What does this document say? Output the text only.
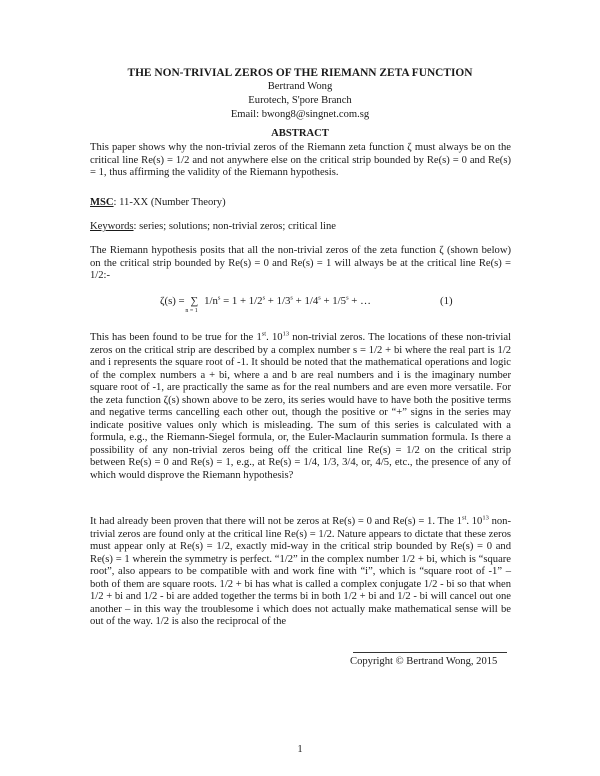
THE NON-TRIVIAL ZEROS OF THE RIEMANN ZETA FUNCTION
Bertrand Wong
Eurotech, S'pore Branch
Email: bwong8@singnet.com.sg
ABSTRACT
This paper shows why the non-trivial zeros of the Riemann zeta function ζ must always be on the critical line Re(s) = 1/2 and not anywhere else on the critical strip bounded by Re(s) = 0 and Re(s) = 1, thus affirming the validity of the Riemann hypothesis.
MSC: 11-XX (Number Theory)
Keywords: series; solutions; non-trivial zeros; critical line
The Riemann hypothesis posits that all the non-trivial zeros of the zeta function ζ (shown below) on the critical strip bounded by Re(s) = 0 and Re(s) = 1 will always be at the critical line Re(s) = 1/2:-
ζ(s) = ∑
n = 1
$1/n^s = 1 + 1/2^s + 1/3^s + 1/4^s + 1/5^s$ + …	(1)
This has been found to be true for the 1st. $10^{13}$ non-trivial zeros. The locations of these non-trivial zeros on the critical strip are described by a complex number s = 1/2 + bi where the real part is 1/2 and i represents the square root of -1. It should be noted that the mathematical operations and logic of the complex numbers a + bi, where a and b are real numbers and i is the imaginary number square root of -1, are practically the same as for the real numbers and are even more versatile. For the zeta function ζ(s) shown above to be zero, its series would have to have both the positive terms and negative terms cancelling each other out, though the positive or “+” signs in the series may indicate positive values only which is misleading. The sum of this series is calculated with a formula, e.g., the Riemann-Siegel formula, or, the Euler-Maclaurin summation formula. Is there a possibility of any non-trivial zeros being off the critical line Re(s) = 1/2 on the critical strip between Re(s) = 0 and Re(s) = 1, e.g., at Re(s) = 1/4, 1/3, 3/4, or, 4/5, etc., the presence of any of which would disprove the Riemann hypothesis?
It had already been proven that there will not be zeros at Re(s) = 0 and Re(s) = 1. The 1st. $10^{13}$ non-trivial zeros are found only at the critical line Re(s) = 1/2. Nature appears to dictate that these zeros must appear only at Re(s) = 1/2, exactly mid-way in the critical strip bounded by Re(s) = 0 and Re(s) = 1 wherein the symmetry is perfect. “1/2” in the complex number 1/2 + bi, which is “square root”, also appears to be compatible with and work fine with “i”, which is “square root of -1” – both of them are square roots. 1/2 + bi has what is called a complex conjugate 1/2 - bi so that when 1/2 + bi and 1/2 - bi are added together the terms bi in both 1/2 + bi and 1/2 - bi will cancel out one another – in this way the troublesome i which does not actually make mathematical sense will be out of the way. 1/2 is also the reciprocal of the
Copyright © Bertrand Wong, 2015
1
